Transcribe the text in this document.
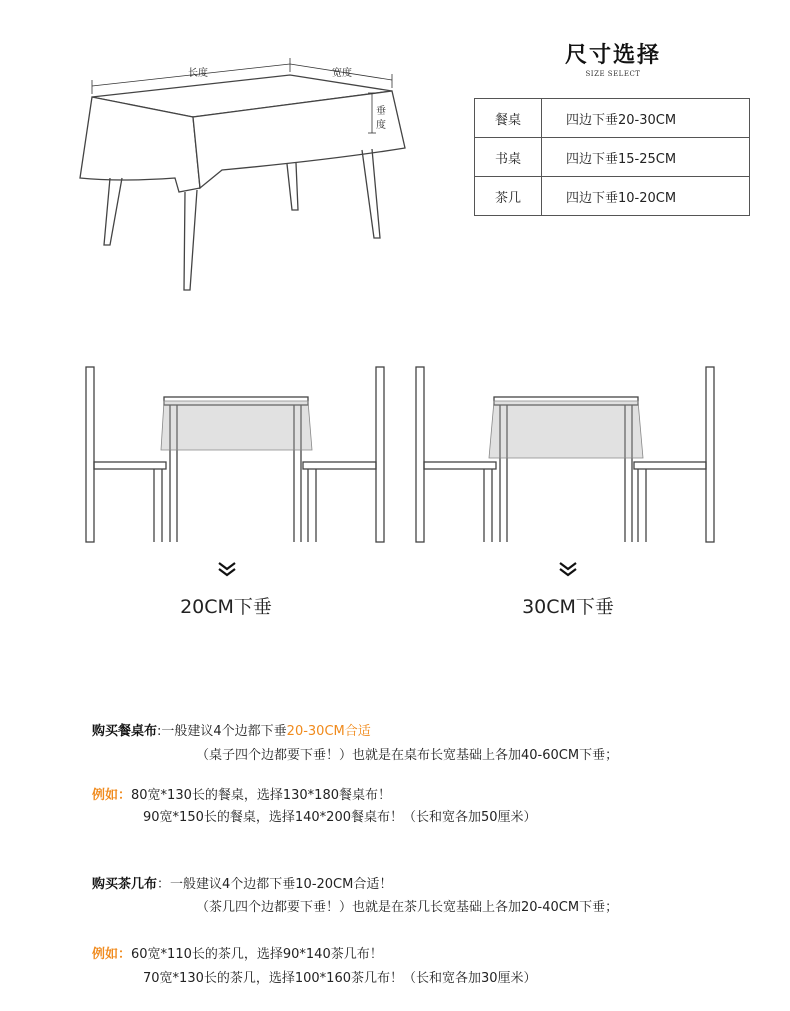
长度	宽度
垂
度
尺寸选择
SIZE SELECT
餐桌	四边下垂20-30CM
书桌	四边下垂15-25CM
茶几	四边下垂10-20CM
20CM下垂	30CM下垂
购买餐桌布:一般建议4个边都下垂20-30CM合适
（桌子四个边都要下垂！）也就是在桌布长宽基础上各加40-60CM下垂；
例如：80宽*130长的餐桌，选择130*180餐桌布！
90宽*150长的餐桌，选择140*200餐桌布！（长和宽各加50厘米）
购买茶几布：一般建议4个边都下垂10-20CM合适！
（茶几四个边都要下垂！）也就是在茶几长宽基础上各加20-40CM下垂；
例如：60宽*110长的茶几，选择90*140茶几布！
70宽*130长的茶几，选择100*160茶几布！（长和宽各加30厘米）
